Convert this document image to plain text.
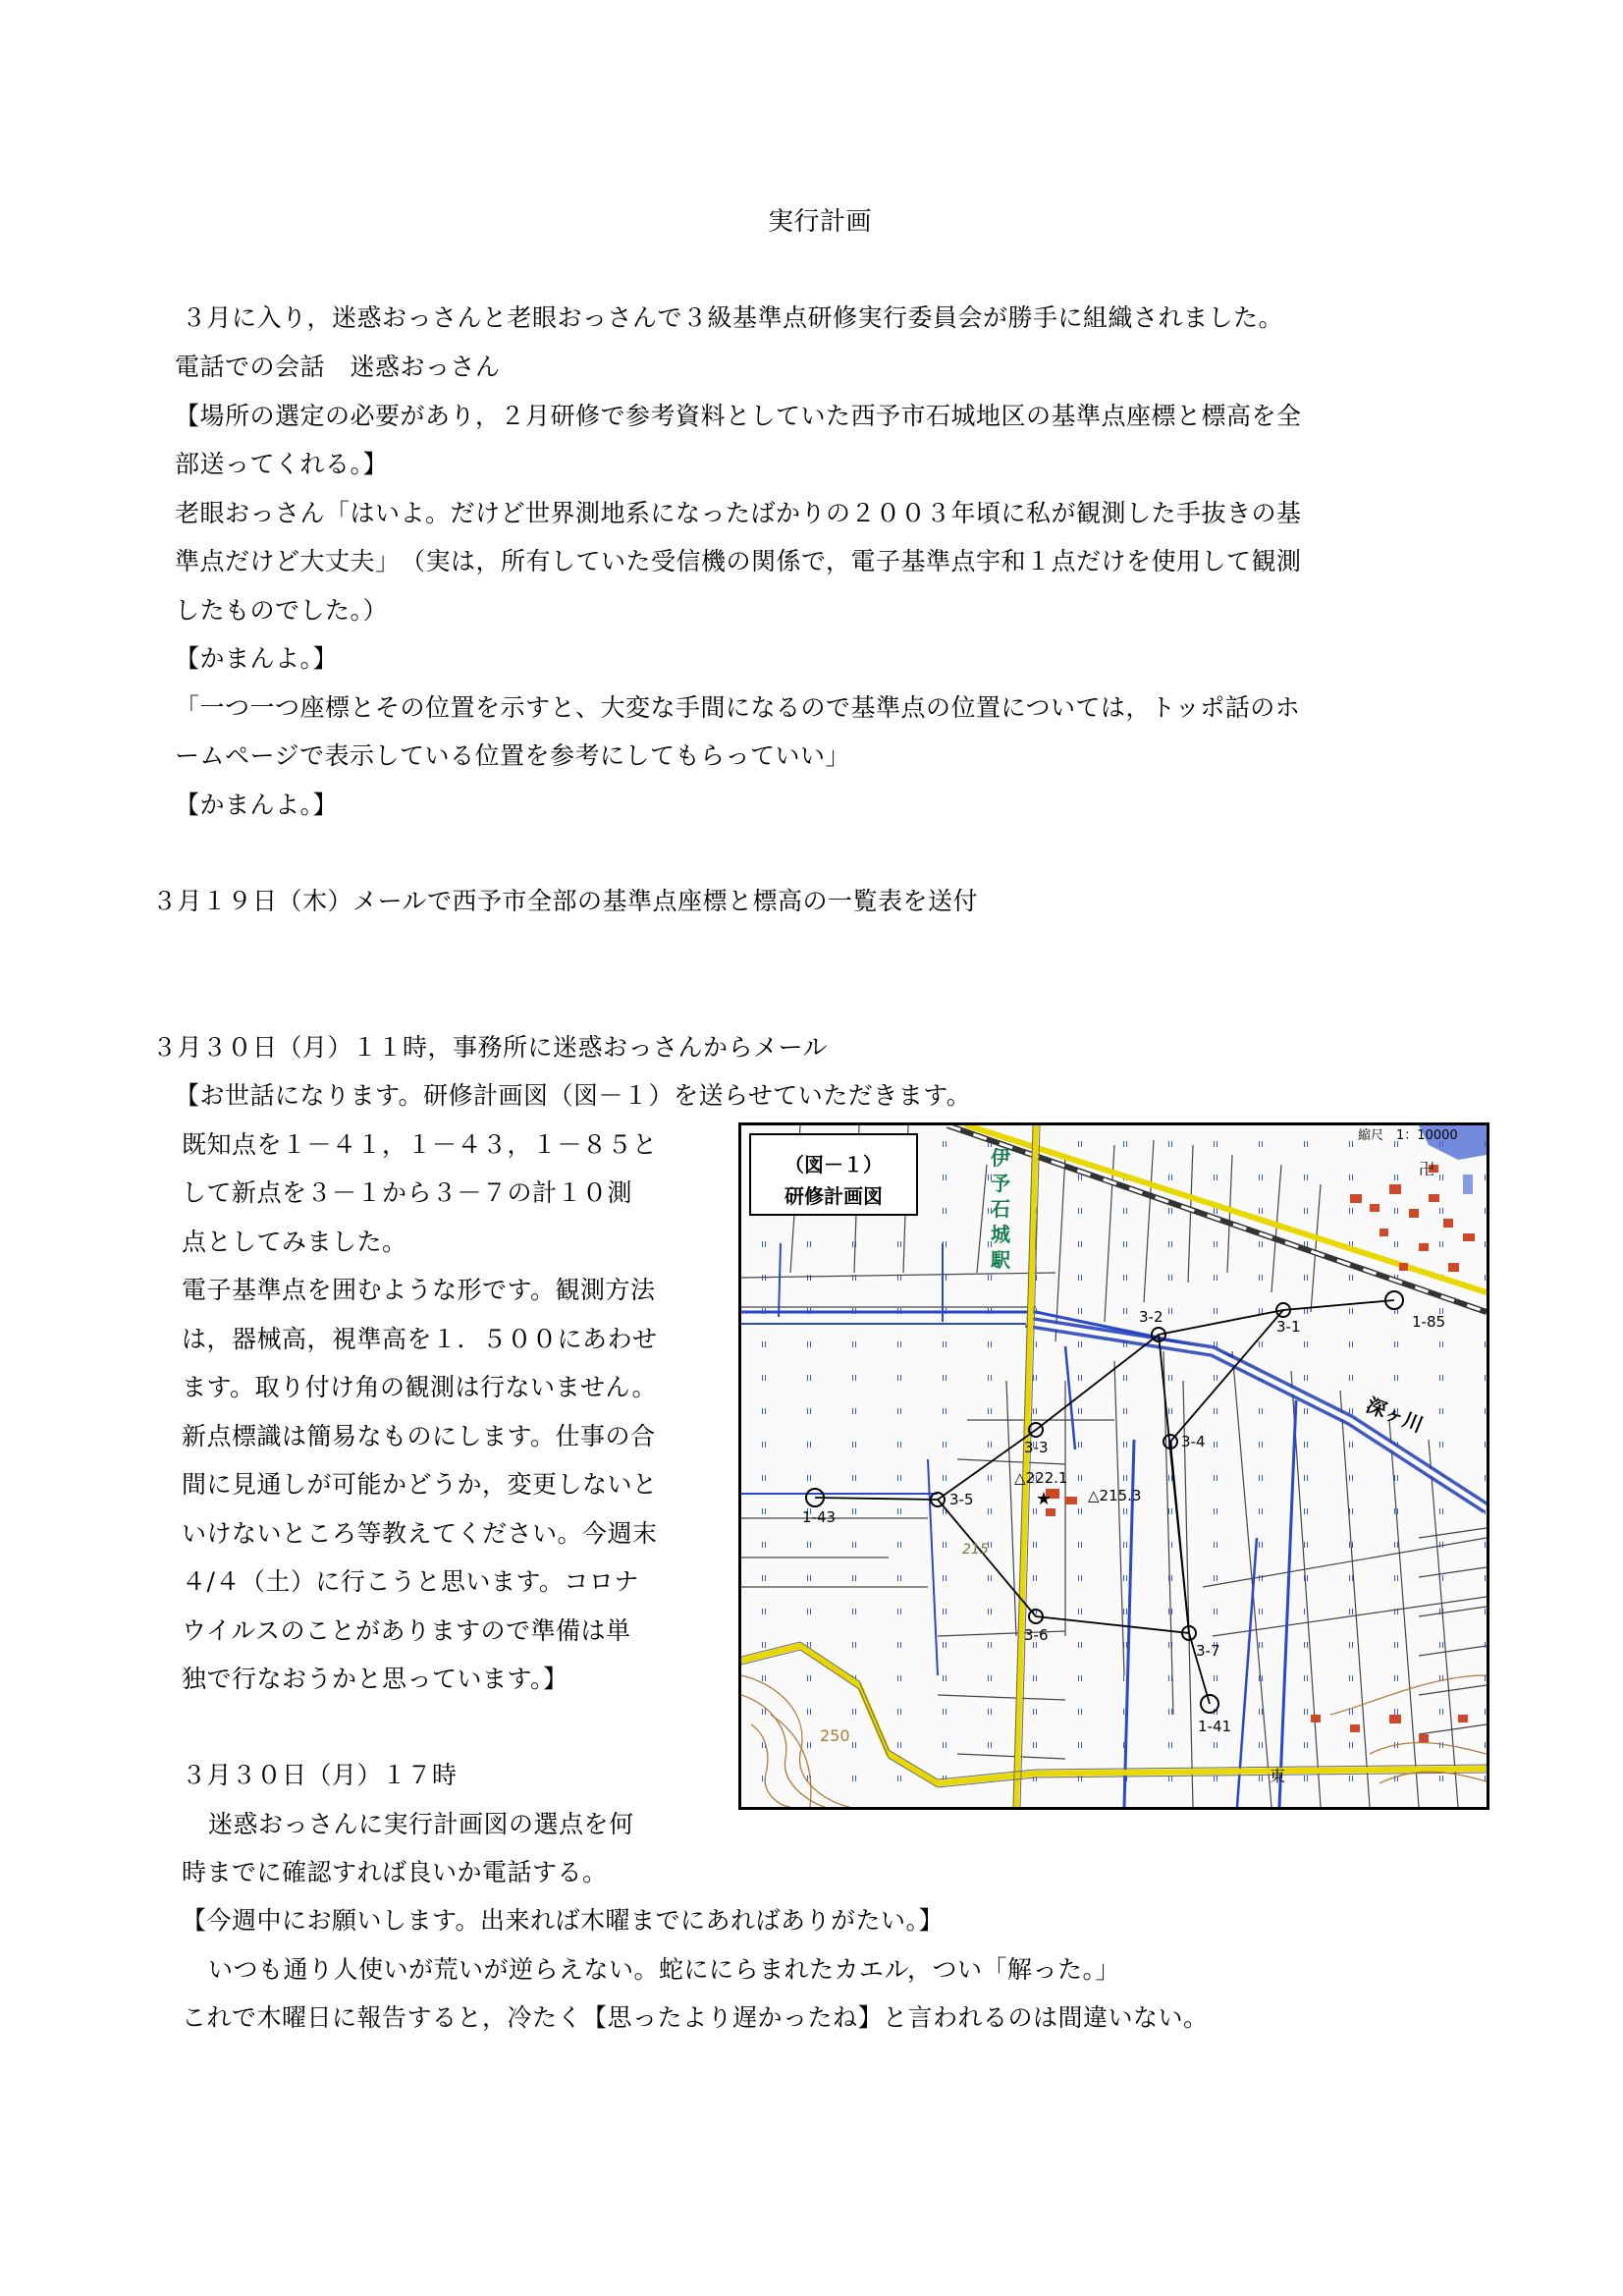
実行計画
３月に入り，迷惑おっさんと老眼おっさんで３級基準点研修実行委員会が勝手に組織されました。
電話での会話　迷惑おっさん
【場所の選定の必要があり，２月研修で参考資料としていた西予市石城地区の基準点座標と標高を全
部送ってくれる。】
老眼おっさん「はいよ。だけど世界測地系になったばかりの２００３年頃に私が観測した手抜きの基
準点だけど大丈夫」　（実は，所有していた受信機の関係で，電子基準点宇和１点だけを使用して観測
したものでした。）
【かまんよ。】
「一つ一つ座標とその位置を示すと、大変な手間になるので基準点の位置については，トッポ話のホ
ームページで表示している位置を参考にしてもらっていい」
【かまんよ。】
３月１９日（木）メールで西予市全部の基準点座標と標高の一覧表を送付
３月３０日（月）１１時，事務所に迷惑おっさんからメール
【お世話になります。研修計画図（図－１）を送らせていただきます。
既知点を１－４１，１－４３，１－８５と
して新点を３－１から３－７の計１０測
点としてみました。
電子基準点を囲むような形です。観測方法
は，器械高，視準高を１．５００にあわせ
ます。取り付け角の観測は行ないません。
新点標識は簡易なものにします。仕事の合
間に見通しが可能かどうか，変更しないと
いけないところ等教えてください。今週末
４/４（土）に行こうと思います。コロナ
ウイルスのことがありますので準備は単
独で行なおうかと思っています。】
３月３０日（月）１７時
迷惑おっさんに実行計画図の選点を何
時までに確認すれば良いか電話する。
【今週中にお願いします。出来れば木曜までにあればありがたい。】
いつも通り人使いが荒いが逆らえない。蛇ににらまれたカエル，つい「解った。」
これで木曜日に報告すると，冷たく【思ったより遅かったね】と言われるのは間違いない。
250
1-85
3-1
3-2
3-3	3-4
1-43
3-5
3-6
3-7
1-41
△222.1
△215.3
★
215
縮尺　1：10000
卍
東
深ヶ川
伊
予
石
城
駅
（図－１）
研修計画図
